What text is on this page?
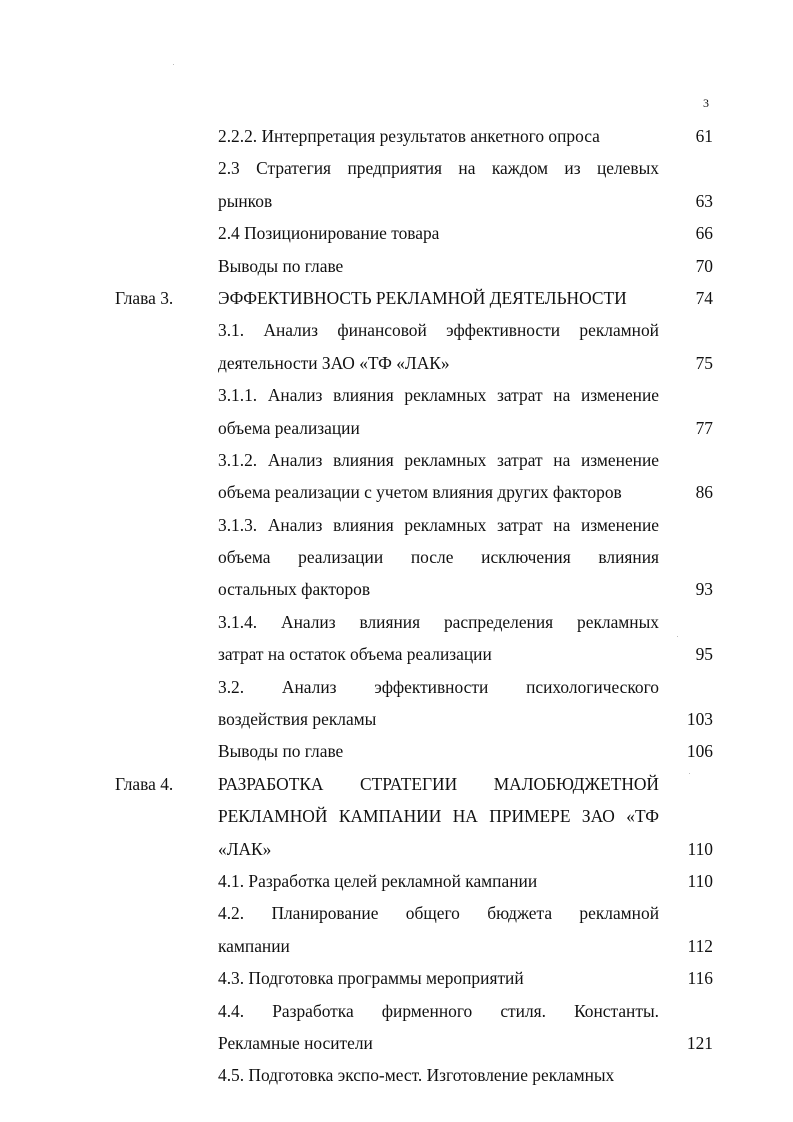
3
2.2.2. Интерпретация результатов анкетного опроса	61
2.3 Стратегия предприятия на каждом из целевых
рынков	63
2.4 Позиционирование товара	66
Выводы по главе	70
Глава 3.	ЭФФЕКТИВНОСТЬ РЕКЛАМНОЙ ДЕЯТЕЛЬНОСТИ	74
3.1. Анализ финансовой эффективности рекламной
деятельности ЗАО «ТФ «ЛАК»	75
3.1.1. Анализ влияния рекламных затрат на изменение
объема реализации	77
3.1.2. Анализ влияния рекламных затрат на изменение
объема реализации с учетом влияния других факторов	86
3.1.3. Анализ влияния рекламных затрат на изменение
объема реализации после исключения влияния
остальных факторов	93
3.1.4. Анализ влияния распределения рекламных
затрат на остаток объема реализации	95
3.2. Анализ эффективности психологического
воздействия рекламы	103
Выводы по главе	106
Глава 4.	РАЗРАБОТКА СТРАТЕГИИ МАЛОБЮДЖЕТНОЙ
РЕКЛАМНОЙ КАМПАНИИ НА ПРИМЕРЕ ЗАО «ТФ
«ЛАК»	110
4.1. Разработка целей рекламной кампании	110
4.2. Планирование общего бюджета рекламной
кампании	112
4.3. Подготовка программы мероприятий	116
4.4. Разработка фирменного стиля. Константы.
Рекламные носители	121
4.5. Подготовка экспо-мест. Изготовление рекламных
